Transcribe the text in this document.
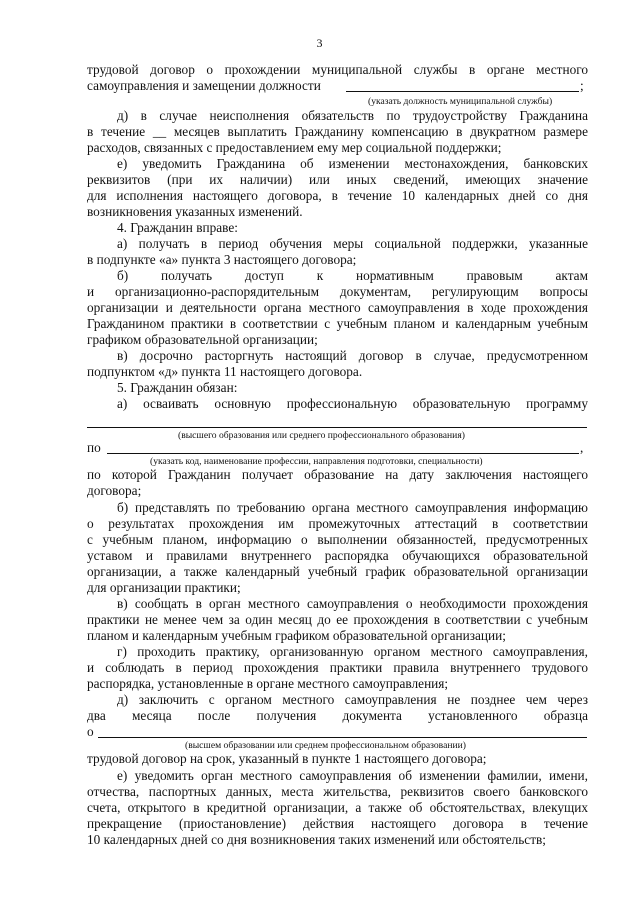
3
трудовой договор о прохождении муниципальной службы в органе местного
самоуправления и замещении должности	;
(указать должность муниципальной службы)
д) в случае неисполнения обязательств по трудоустройству Гражданина
в течение __ месяцев выплатить Гражданину компенсацию в двукратном размере
расходов, связанных с предоставлением ему мер социальной поддержки;
е) уведомить Гражданина об изменении местонахождения, банковских
реквизитов (при их наличии) или иных сведений, имеющих значение
для исполнения настоящего договора, в течение 10 календарных дней со дня
возникновения указанных изменений.
4. Гражданин вправе:
а) получать в период обучения меры социальной поддержки, указанные
в подпункте «а» пункта 3 настоящего договора;
б) получать доступ к нормативным правовым актам
и организационно-распорядительным документам, регулирующим вопросы
организации и деятельности органа местного самоуправления в ходе прохождения
Гражданином практики в соответствии с учебным планом и календарным учебным
графиком образовательной организации;
в) досрочно расторгнуть настоящий договор в случае, предусмотренном
подпунктом «д» пункта 11 настоящего договора.
5. Гражданин обязан:
а) осваивать основную профессиональную образовательную программу
(высшего образования или среднего профессионального образования)
по	,
(указать код, наименование профессии, направления подготовки, специальности)
по которой Гражданин получает образование на дату заключения настоящего
договора;
б) представлять по требованию органа местного самоуправления информацию
о результатах прохождения им промежуточных аттестаций в соответствии
с учебным планом, информацию о выполнении обязанностей, предусмотренных
уставом и правилами внутреннего распорядка обучающихся образовательной
организации, а также календарный учебный график образовательной организации
для организации практики;
в) сообщать в орган местного самоуправления о необходимости прохождения
практики не менее чем за один месяц до ее прохождения в соответствии с учебным
планом и календарным учебным графиком образовательной организации;
г) проходить практику, организованную органом местного самоуправления,
и соблюдать в период прохождения практики правила внутреннего трудового
распорядка, установленные в органе местного самоуправления;
д) заключить с органом местного самоуправления не позднее чем через
два месяца после получения документа установленного образца
о
(высшем образовании или среднем профессиональном образовании)
трудовой договор на срок, указанный в пункте 1 настоящего договора;
е) уведомить орган местного самоуправления об изменении фамилии, имени,
отчества, паспортных данных, места жительства, реквизитов своего банковского
счета, открытого в кредитной организации, а также об обстоятельствах, влекущих
прекращение (приостановление) действия настоящего договора в течение
10 календарных дней со дня возникновения таких изменений или обстоятельств;
